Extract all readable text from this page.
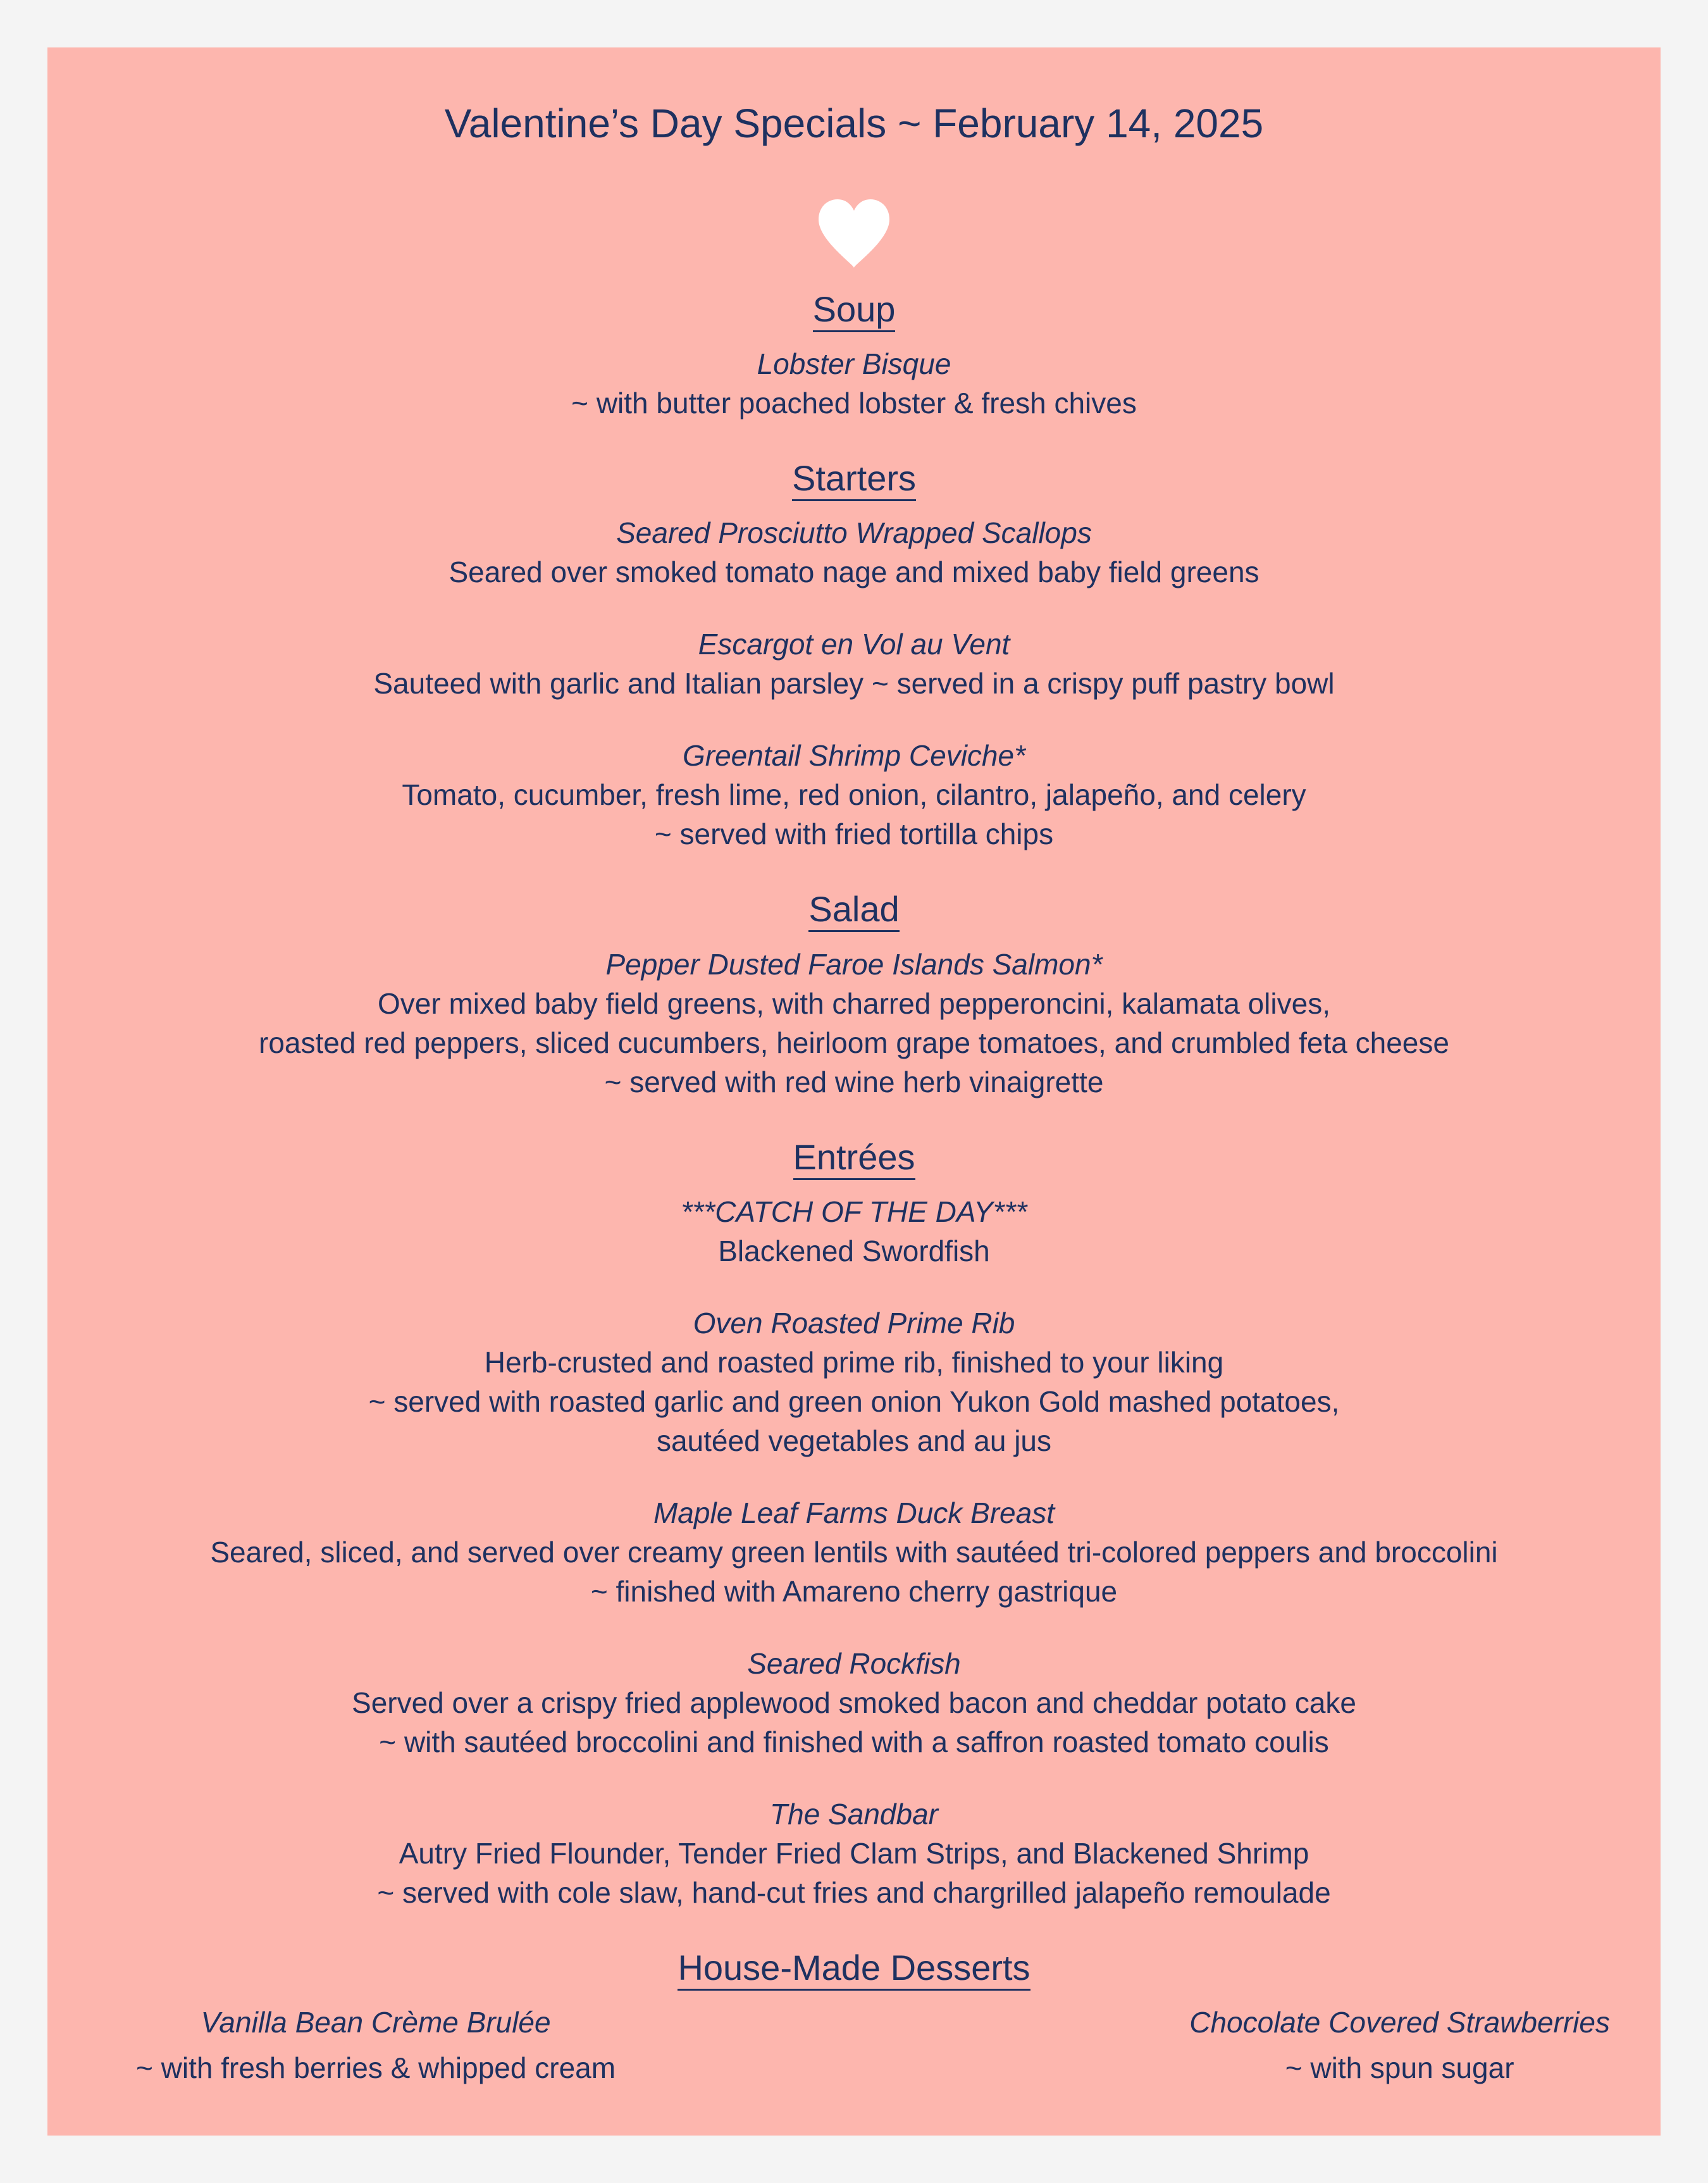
Valentine’s Day Specials ~ February 14, 2025
Soup
Lobster Bisque
~ with butter poached lobster & fresh chives
Starters
Seared Prosciutto Wrapped Scallops
Seared over smoked tomato nage and mixed baby field greens
Escargot en Vol au Vent
Sauteed with garlic and Italian parsley ~ served in a crispy puff pastry bowl
Greentail Shrimp Ceviche*
Tomato, cucumber, fresh lime, red onion, cilantro, jalapeño, and celery
~ served with fried tortilla chips
Salad
Pepper Dusted Faroe Islands Salmon*
Over mixed baby field greens, with charred pepperoncini, kalamata olives,
roasted red peppers, sliced cucumbers, heirloom grape tomatoes, and crumbled feta cheese
~ served with red wine herb vinaigrette
Entrées
***CATCH OF THE DAY***
Blackened Swordfish
Oven Roasted Prime Rib
Herb-crusted and roasted prime rib, finished to your liking
~ served with roasted garlic and green onion Yukon Gold mashed potatoes,
sautéed vegetables and au jus
Maple Leaf Farms Duck Breast
Seared, sliced, and served over creamy green lentils with sautéed tri-colored peppers and broccolini
~ finished with Amareno cherry gastrique
Seared Rockfish
Served over a crispy fried applewood smoked bacon and cheddar potato cake
~ with sautéed broccolini and finished with a saffron roasted tomato coulis
The Sandbar
Autry Fried Flounder, Tender Fried Clam Strips, and Blackened Shrimp
~ served with cole slaw, hand-cut fries and chargrilled jalapeño remoulade
House-Made Desserts
Vanilla Bean Crème Brulée
~ with fresh berries & whipped cream
Chocolate Covered Strawberries
~ with spun sugar
